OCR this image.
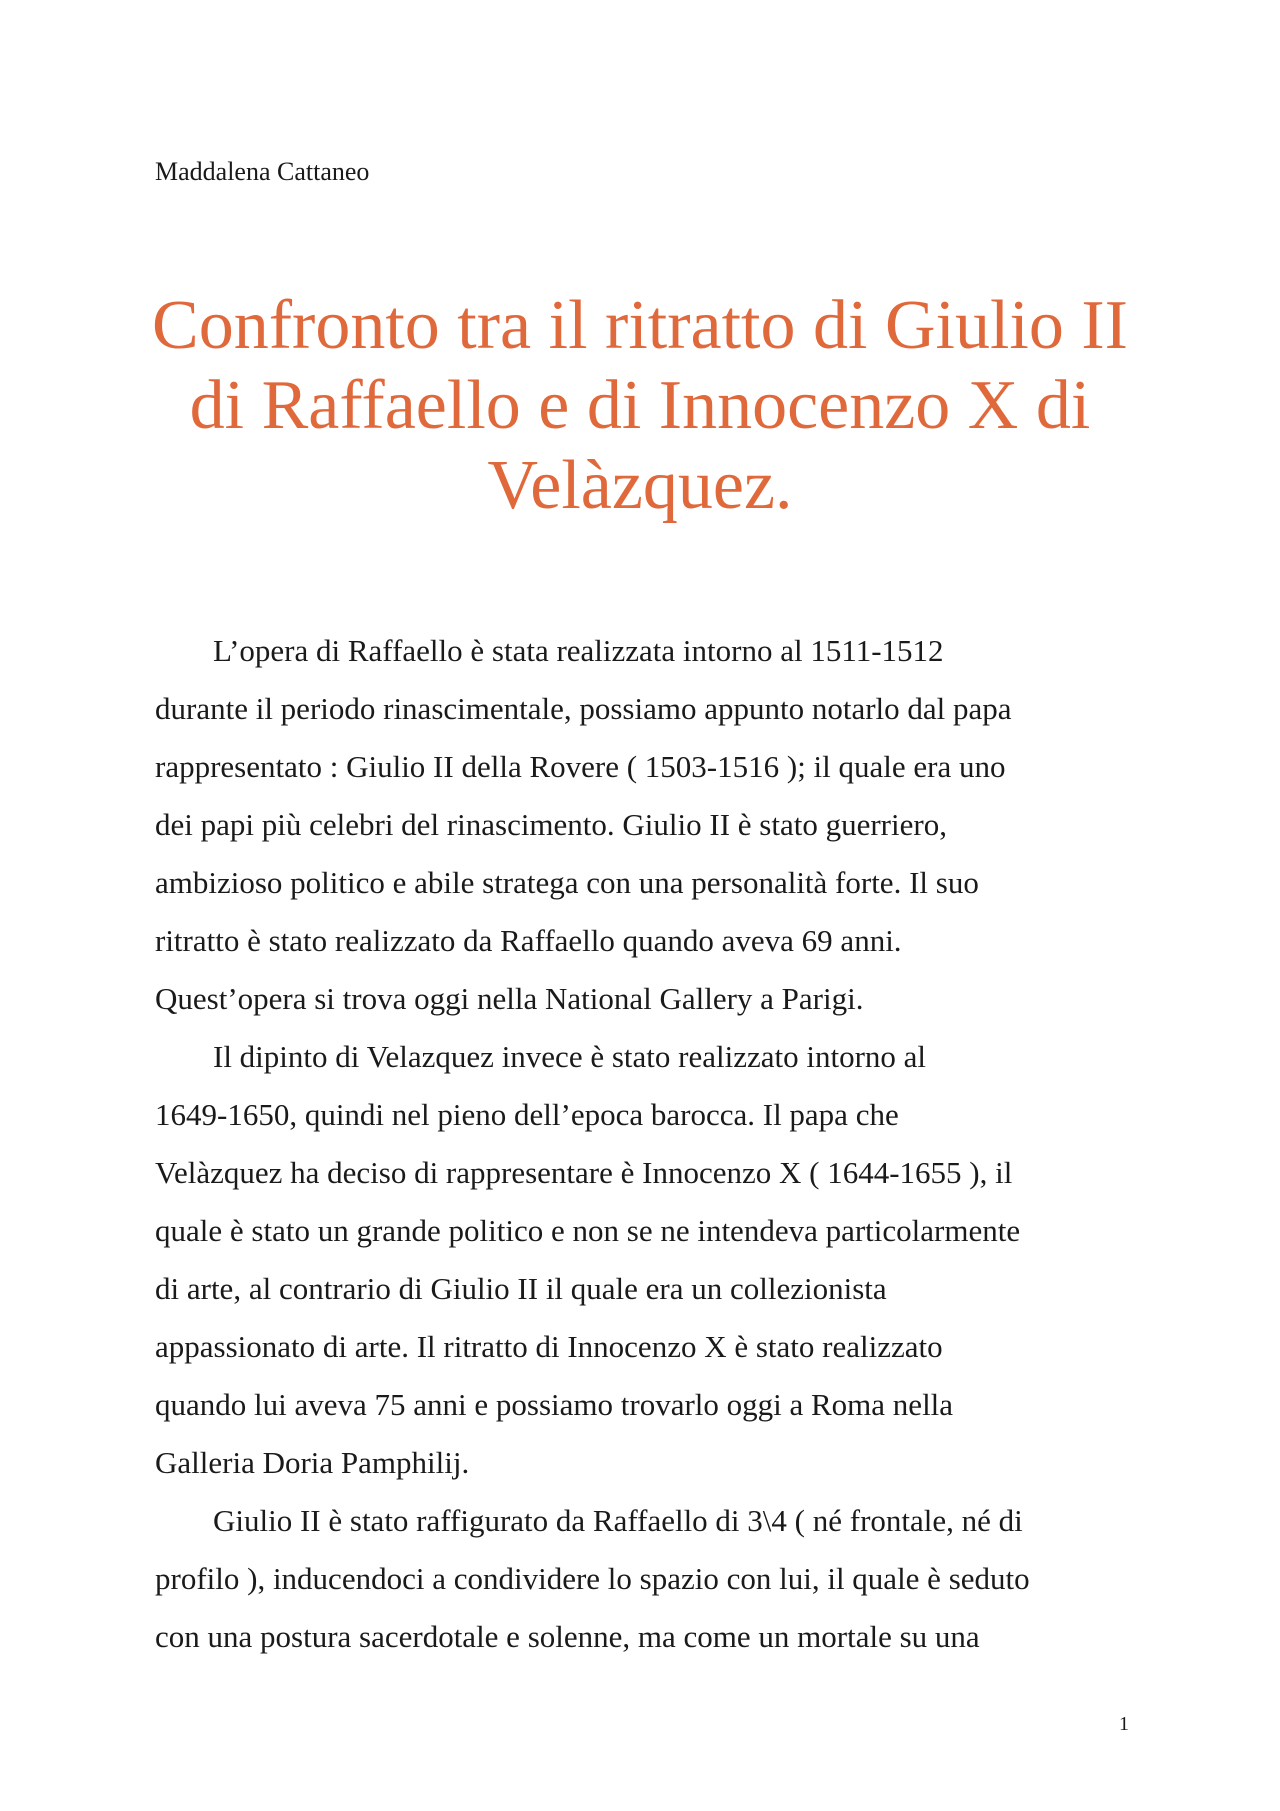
Maddalena Cattaneo
Confronto tra il ritratto di Giulio II di Raffaello e di Innocenzo X di Velàzquez.

L’opera di Raffaello è stata realizzata intorno al 1511-1512
durante il periodo rinascimentale, possiamo appunto notarlo dal papa
rappresentato : Giulio II della Rovere ( 1503-1516 ); il quale era uno
dei papi più celebri del rinascimento. Giulio II è stato guerriero,
ambizioso politico e abile stratega con una personalità forte. Il suo
ritratto è stato realizzato da Raffaello quando aveva 69 anni.
Quest’opera si trova oggi nella National Gallery a Parigi.

Il dipinto di Velazquez invece è stato realizzato intorno al
1649-1650, quindi nel pieno dell’epoca barocca. Il papa che
Velàzquez ha deciso di rappresentare è Innocenzo X ( 1644-1655 ), il
quale è stato un grande politico e non se ne intendeva particolarmente
di arte, al contrario di Giulio II il quale era un collezionista
appassionato di arte. Il ritratto di Innocenzo X è stato realizzato
quando lui aveva 75 anni e possiamo trovarlo oggi a Roma nella
Galleria Doria Pamphilij.

Giulio II è stato raffigurato da Raffaello di 3\4 ( né frontale, né di
profilo ), inducendoci a condividere lo spazio con lui, il quale è seduto
con una postura sacerdotale e solenne, ma come un mortale su una

1
